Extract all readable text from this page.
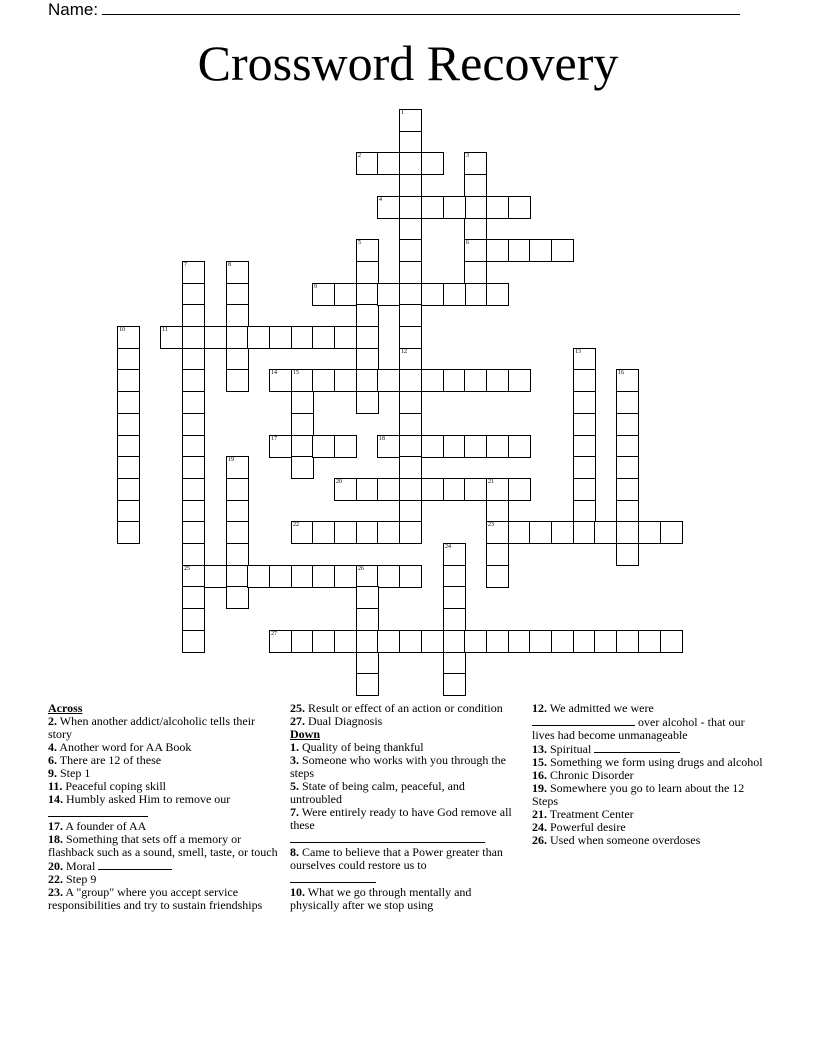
Name:
Crossword Recovery
1
12
2	3
6
4
5
7
25
8
9
10	11
13
14	15	16
17	18
19
20	21
23
22
24
26
27
Across
2. When another addict/alcoholic tells their story
4. Another word for AA Book
6. There are 12 of these
9. Step 1
11. Peaceful coping skill
14. Humbly asked Him to remove our

17. A founder of AA
18. Something that sets off a memory or flashback such as a sound, smell, taste, or touch
20. Moral
22. Step 9
23. A "group" where you accept service responsibilities and try to sustain friendships
25. Result or effect of an action or condition
27. Dual Diagnosis
Down
1. Quality of being thankful
3. Someone who works with you through the steps
5. State of being calm, peaceful, and untroubled
7. Were entirely ready to have God remove all these

8. Came to believe that a Power greater than ourselves could restore us to

10. What we go through mentally and physically after we stop using
12. We admitted we were
over alcohol - that our lives had become unmanageable
13. Spiritual
15. Something we form using drugs and alcohol
16. Chronic Disorder
19. Somewhere you go to learn about the 12 Steps
21. Treatment Center
24. Powerful desire
26. Used when someone overdoses
